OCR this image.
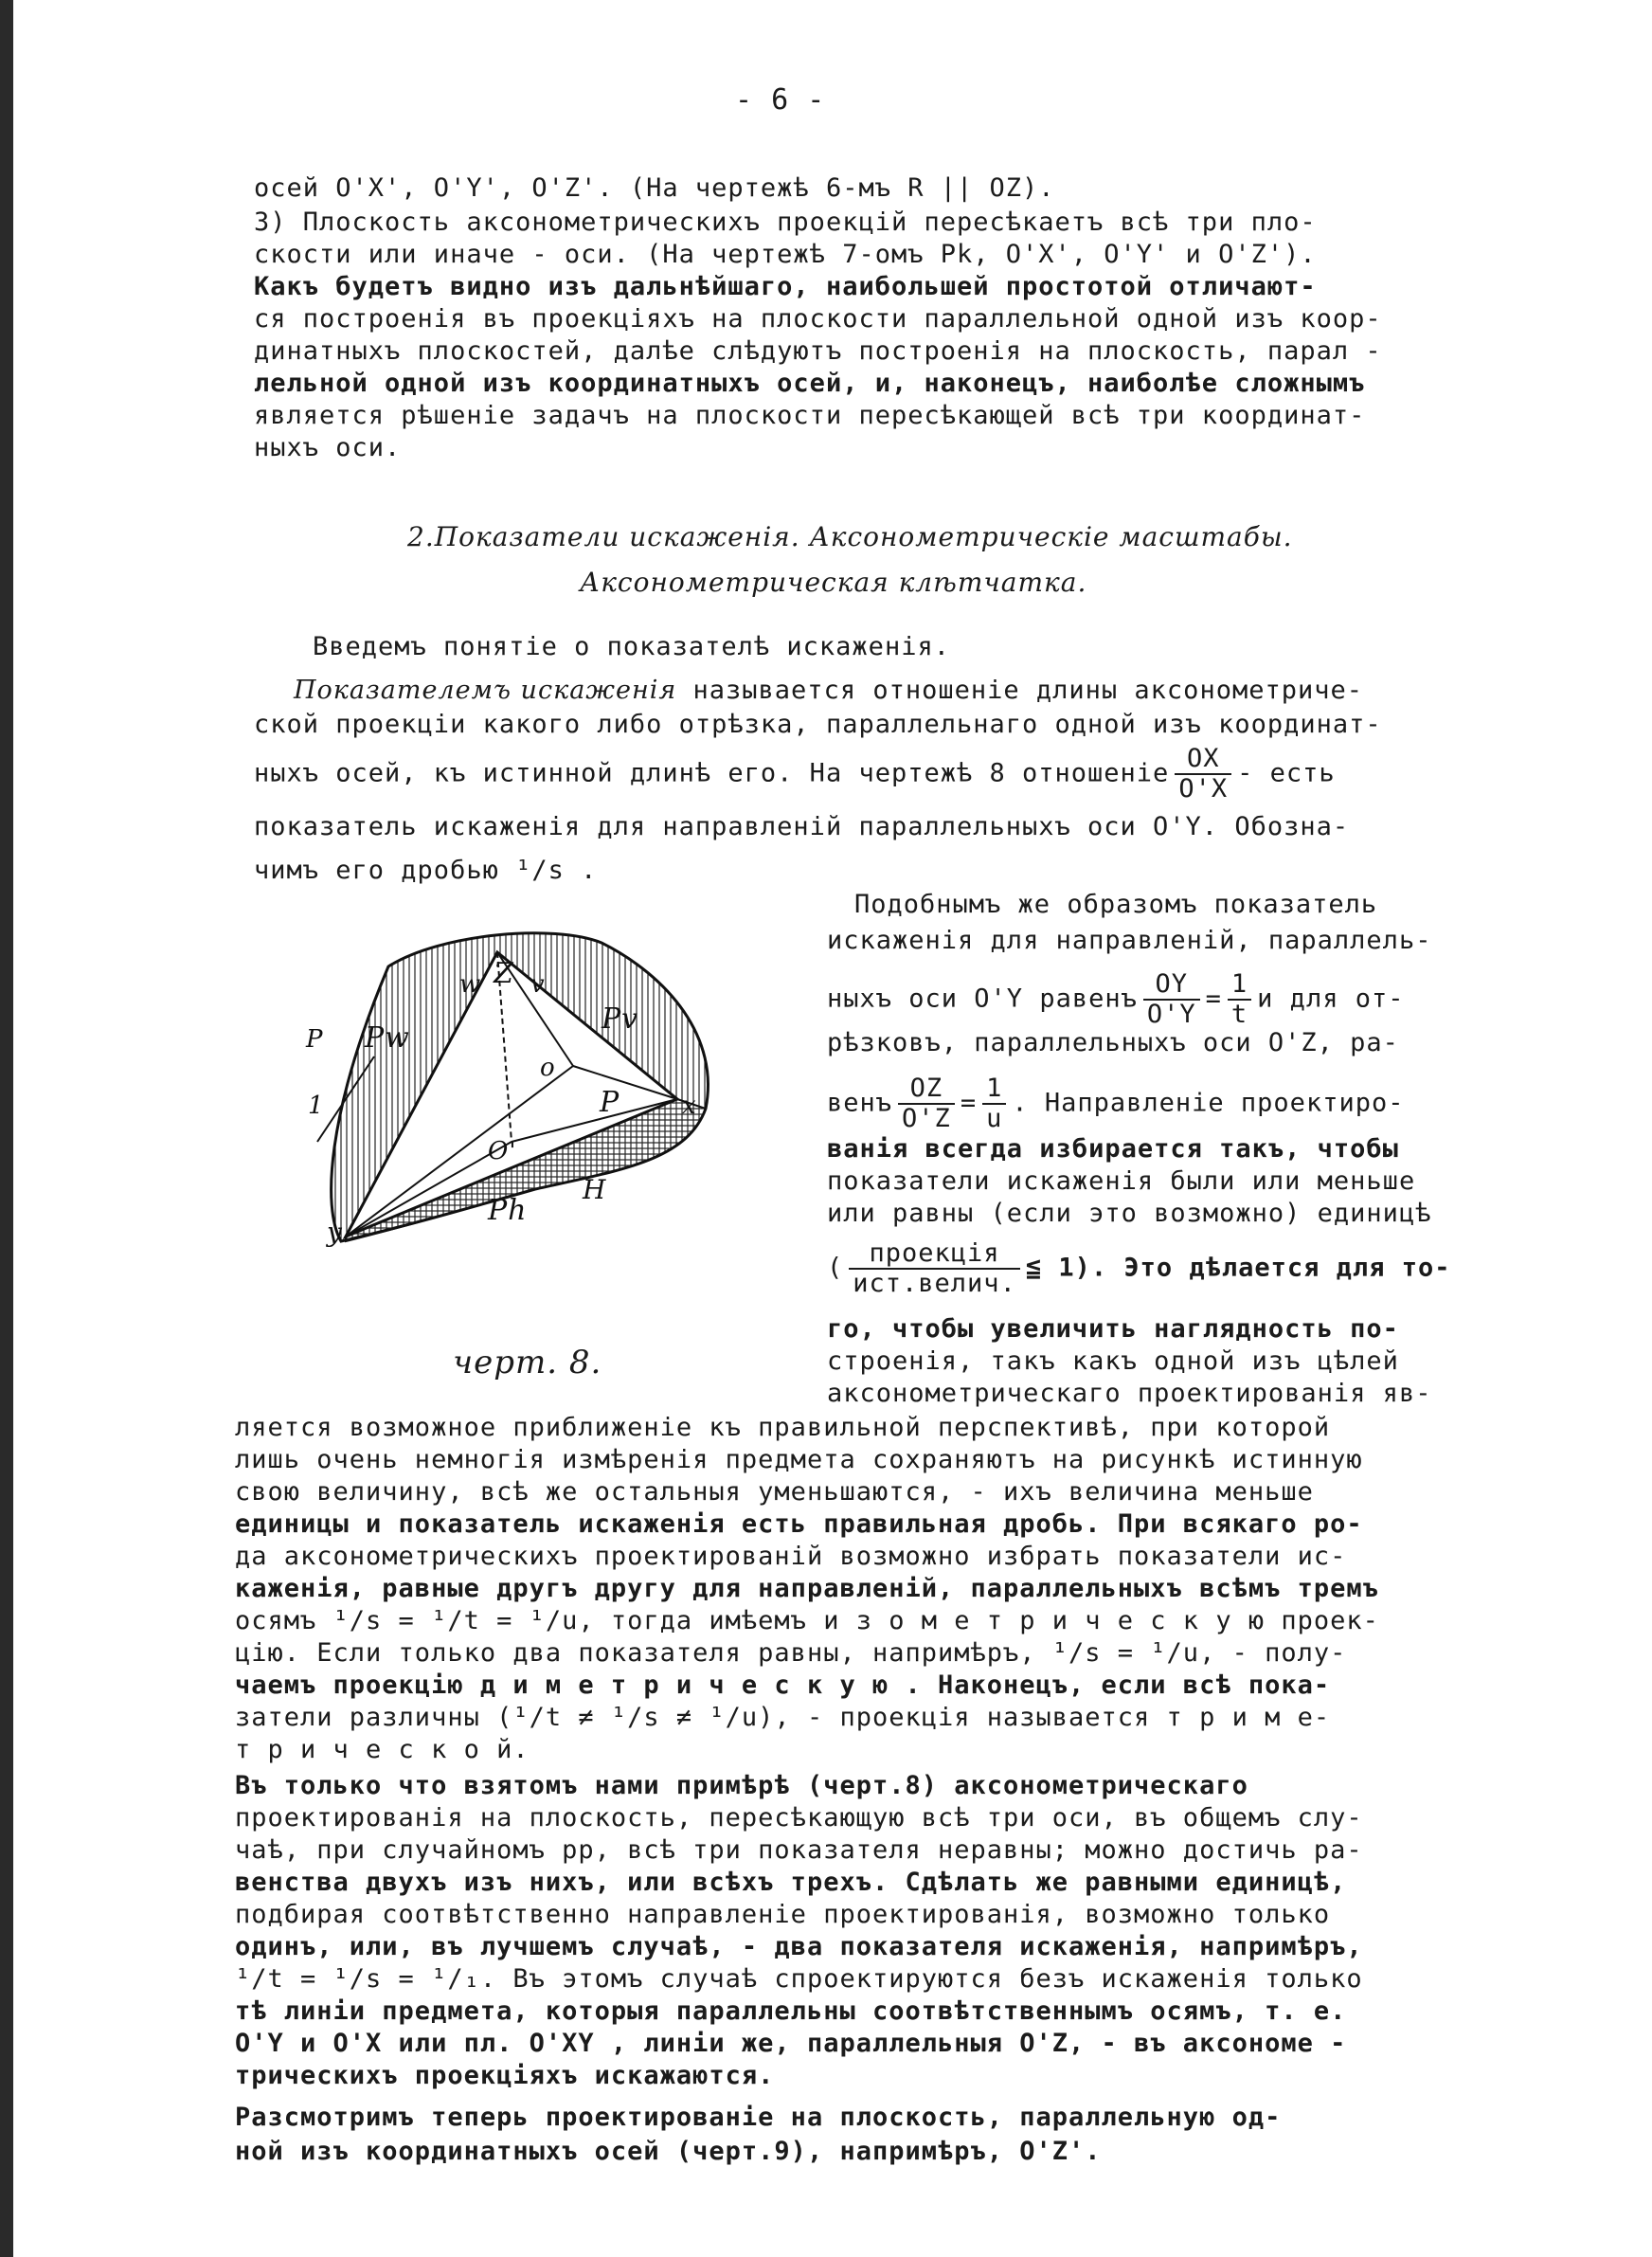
- 6 -
осей O'X', O'Y', O'Z'. (На чертежѣ 6-мъ R || OZ).
3) Плоскость аксонометрическихъ проекцій пересѣкаетъ всѣ три пло-
скости или иначе - оси. (На чертежѣ 7-омъ Pk, O'X', O'Y' и O'Z').
Какъ будетъ видно изъ дальнѣйшаго, наибольшей простотой отличают-
ся построенія въ проекціяхъ на плоскости параллельной одной изъ коор-
динатныхъ плоскостей, далѣе слѣдуютъ построенія на плоскость, парал -
лельной одной изъ координатныхъ осей, и, наконецъ, наиболѣе сложнымъ
является рѣшеніе задачъ на плоскости пересѣкающей всѣ три координат-
ныхъ оси.
2.Показатели искаженія. Аксонометрическіе масштабы.
Аксонометрическая клѣтчатка.
Введемъ понятіе о показателѣ искаженія.
Показателемъ искаженія называется отношеніе длины аксонометриче-
ской проекціи какого либо отрѣзка, параллельнаго одной изъ координат-
ныхъ осей, къ истинной длинѣ его. На чертежѣ 8 отношеніе $\frac{OX}{O'X}$ - есть
показатель искаженія для направленій параллельныхъ оси O'Y. Обозна-
чимъ его дробью ¹/s .
Z
w v
P Pw
Pv
o
P
O'
x
y
Ph
H
1
черт. 8.
Подобнымъ же образомъ показатель
искаженія для направленій, параллель-
ныхъ оси O'Y равенъ $\frac{OY}{O'Y} = \frac{1}{t}$ и для от-
рѣзковъ, параллельныхъ оси O'Z, ра-
венъ $\frac{OZ}{O'Z} = \frac{1}{u}$ . Направленіе проектиро-
ванія всегда избирается такъ, чтобы
показатели искаженія были или меньше
или равны (если это возможно) единицѣ
( $\frac{\text{проекція}}{\text{ист.велич.}}$ ≦ 1). Это дѣлается для то-
го, чтобы увеличить наглядность по-
строенія, такъ какъ одной изъ цѣлей
аксонометрическаго проектированія яв-
ляется возможное приближеніе къ правильной перспективѣ, при которой
лишь очень немногія измѣренія предмета сохраняютъ на рисункѣ истинную
свою величину, всѣ же остальныя уменьшаются, - ихъ величина меньше
единицы и показатель искаженія есть правильная дробь. При всякаго ро-
да аксонометрическихъ проектированій возможно избрать показатели ис-
каженія, равные другъ другу для направленій, параллельныхъ всѣмъ тремъ
осямъ ¹/s = ¹/t = ¹/u, тогда имѣемъ и з о м е т р и ч е с к у ю проек-
цію. Если только два показателя равны, напримѣръ, ¹/s = ¹/u, - полу-
чаемъ проекцію д и м е т р и ч е с к у ю . Наконецъ, если всѣ пока-
затели различны (¹/t ≠ ¹/s ≠ ¹/u), - проекція называется т р и м е-
т р и ч е с к о й.
Въ только что взятомъ нами примѣрѣ (черт.8) аксонометрическаго
проектированія на плоскость, пересѣкающую всѣ три оси, въ общемъ слу-
чаѣ, при случайномъ рр, всѣ три показателя неравны; можно достичь ра-
венства двухъ изъ нихъ, или всѣхъ трехъ. Сдѣлать же равными единицѣ,
подбирая соотвѣтственно направленіе проектированія, возможно только
одинъ, или, въ лучшемъ случаѣ, - два показателя искаженія, напримѣръ,
¹/t = ¹/s = ¹/₁. Въ этомъ случаѣ спроектируются безъ искаженія только
тѣ линіи предмета, которыя параллельны соотвѣтственнымъ осямъ, т. е.
O'Y и O'X или пл. O'XY , линіи же, параллельныя O'Z, - въ аксономе -
трическихъ проекціяхъ искажаются.
Разсмотримъ теперь проектированіе на плоскость, параллельную од-
ной изъ координатныхъ осей (черт.9), напримѣръ, O'Z'.
